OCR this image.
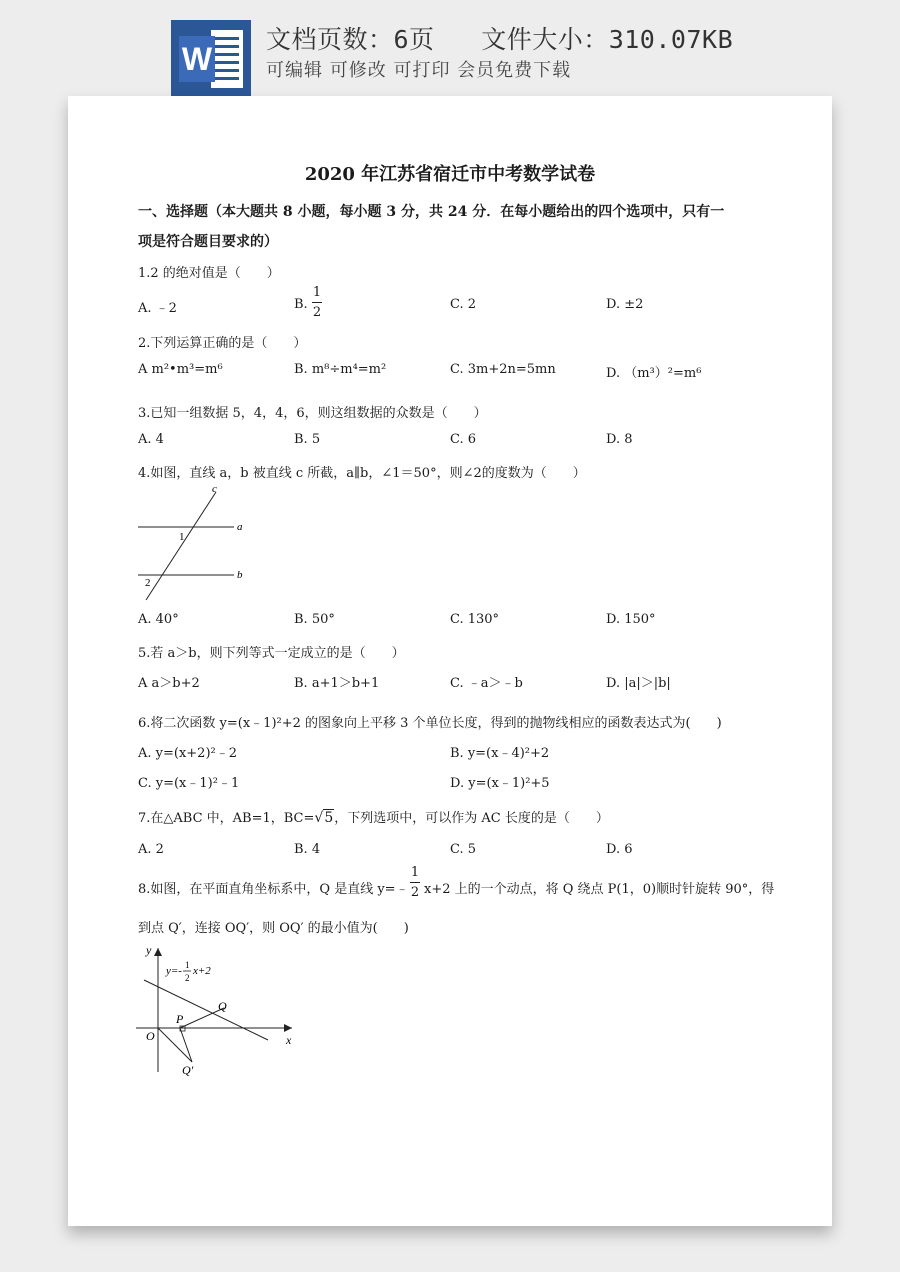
W
文档页数：6页   文件大小：310.07KB
可编辑 可修改 可打印 会员免费下载
2020 年江苏省宿迁市中考数学试卷
一、选择题（本大题共 8 小题，每小题 3 分，共 24 分．在每小题给出的四个选项中，只有一
项是符合题目要求的）
1.2 的绝对值是（　　）
A. ﹣2	B.
1
2
C. 2	D. ±2
2.下列运算正确的是（　　）
A m²•m³=m⁶	B. m⁸÷m⁴=m²	C. 3m+2n=5mn	D. （m³）²=m⁶
3.已知一组数据 5，4，4，6，则这组数据的众数是（　　）
A. 4	B. 5	C. 6	D. 8
4.如图，直线 a，b 被直线 c 所截，a∥b，∠1＝50°，则∠2的度数为（　　）
c
a
b
1
2
A. 40°	B. 50°	C. 130°	D. 150°
5.若 a＞b，则下列等式一定成立的是（　　）
A a＞b+2	B. a+1＞b+1	C. ﹣a＞﹣b	D. |a|＞|b|
6.将二次函数 y=(x﹣1)²+2 的图象向上平移 3 个单位长度，得到的抛物线相应的函数表达式为(　　)
A. y=(x+2)²﹣2	B. y=(x﹣4)²+2
C. y=(x﹣1)²﹣1	D. y=(x﹣1)²+5
7.在△ABC 中，AB=1，BC=√5，下列选项中，可以作为 AC 长度的是（　　）
A. 2	B. 4	C. 5	D. 6
8.如图，在平面直角坐标系中，Q 是直线 y=﹣
1
2 x+2 上的一个动点，将 Q 绕点 P(1，0)顺时针旋转 90°，得
到点 Q′，连接 OQ′，则 OQ′ 的最小值为(　　)
y
x
O
P
Q
Q′
y=- 1
2
x+2
